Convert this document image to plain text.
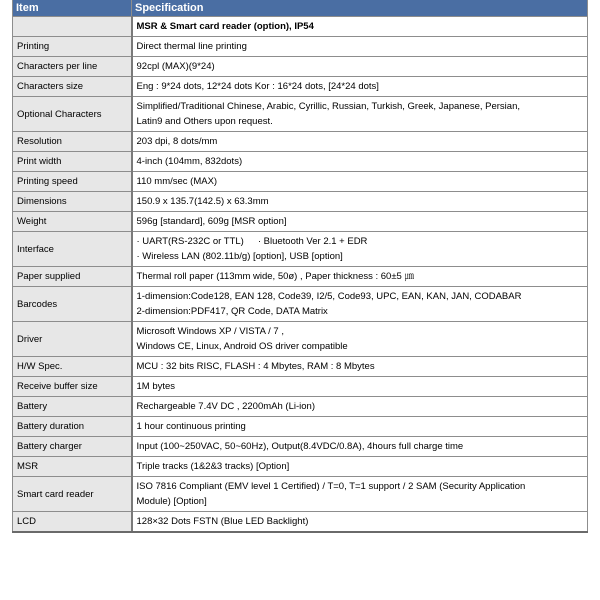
Item	Specification
	MSR & Smart card reader (option), IP54
Printing	Direct thermal line printing
Characters per line	92cpl (MAX)(9*24)
Characters size	Eng : 9*24 dots, 12*24 dots Kor : 16*24 dots, [24*24 dots]
Optional Characters	Simplified/Traditional Chinese, Arabic, Cyrillic, Russian, Turkish, Greek, Japanese, Persian,
Latin9 and Others upon request.

Resolution	203 dpi, 8 dots/mm
Print width	4-inch (104mm, 832dots)
Printing speed	110 mm/sec (MAX)
Dimensions	150.9 x 135.7(142.5) x 63.3mm
Weight	596g [standard], 609g [MSR option]
Interface	· UART(RS-232C or TTL) · Bluetooth Ver 2.1 + EDR
· Wireless LAN (802.11b/g) [option], USB [option]

Paper supplied	Thermal roll paper (113mm wide, 50ø) , Paper thickness : 60±5 ㎛
Barcodes	1-dimension:Code128, EAN 128, Code39, I2/5, Code93, UPC, EAN, KAN, JAN, CODABAR
2-dimension:PDF417, QR Code, DATA Matrix

Driver	Microsoft Windows XP / VISTA / 7 ,
Windows CE, Linux, Android OS driver compatible

H/W Spec.	MCU : 32 bits RISC, FLASH : 4 Mbytes, RAM : 8 Mbytes
Receive buffer size	1M bytes
Battery	Rechargeable 7.4V DC , 2200mAh (Li-ion)
Battery duration	1 hour continuous printing
Battery charger	Input (100~250VAC, 50~60Hz), Output(8.4VDC/0.8A), 4hours full charge time
MSR	Triple tracks (1&2&3 tracks) [Option]
Smart card reader	ISO 7816 Compliant (EMV level 1 Certified) / T=0, T=1 support / 2 SAM (Security Application
Module) [Option]

LCD	128×32 Dots FSTN (Blue LED Backlight)
